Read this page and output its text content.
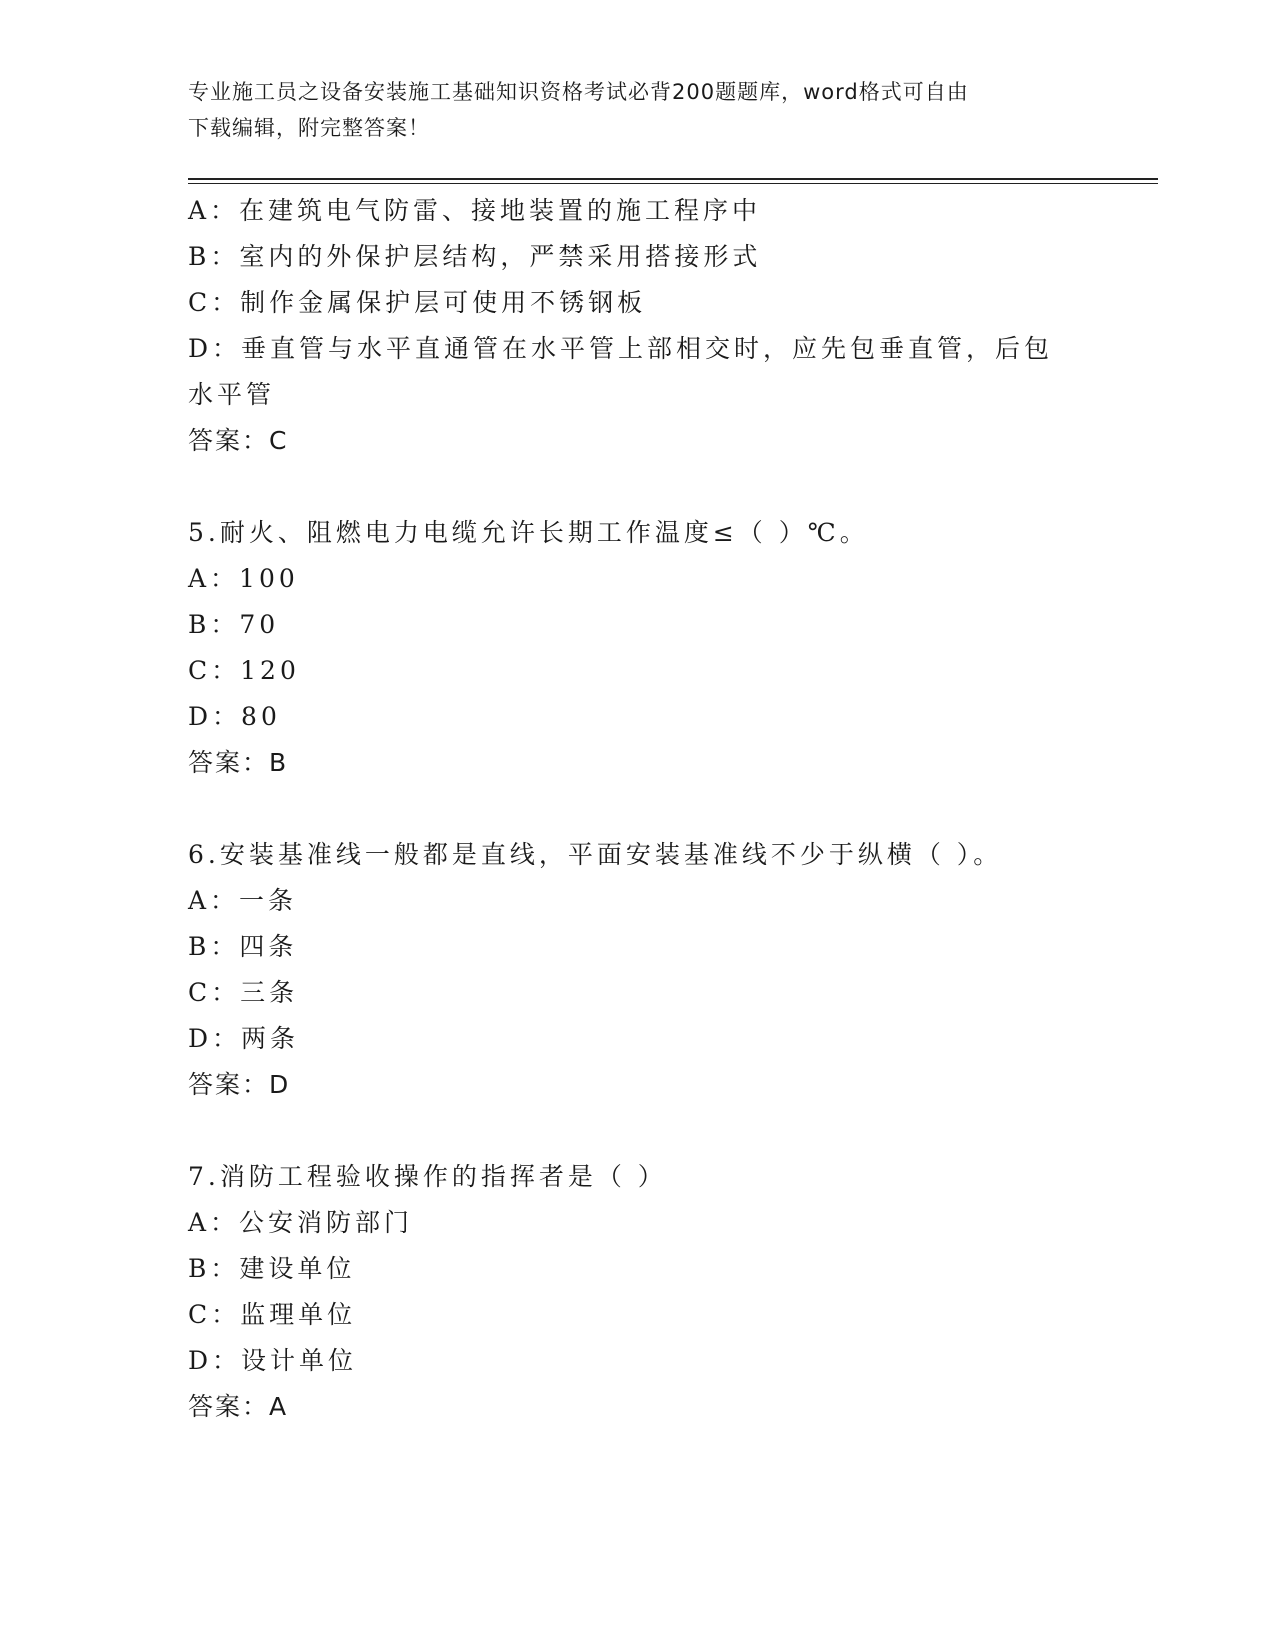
专业施工员之设备安装施工基础知识资格考试必背200题题库，word格式可自由
下载编辑，附完整答案！
A：在建筑电气防雷、接地装置的施工程序中
B：室内的外保护层结构，严禁采用搭接形式
C：制作金属保护层可使用不锈钢板
D：垂直管与水平直通管在水平管上部相交时，应先包垂直管，后包水平管
答案：C
5.耐火、阻燃电力电缆允许长期工作温度≤（ ）℃。
A：100
B：70
C：120
D：80
答案：B
6.安装基准线一般都是直线，平面安装基准线不少于纵横（ ）。
A：一条
B：四条
C：三条
D：两条
答案：D
7.消防工程验收操作的指挥者是（ ）
A：公安消防部门
B：建设单位
C：监理单位
D：设计单位
答案：A
